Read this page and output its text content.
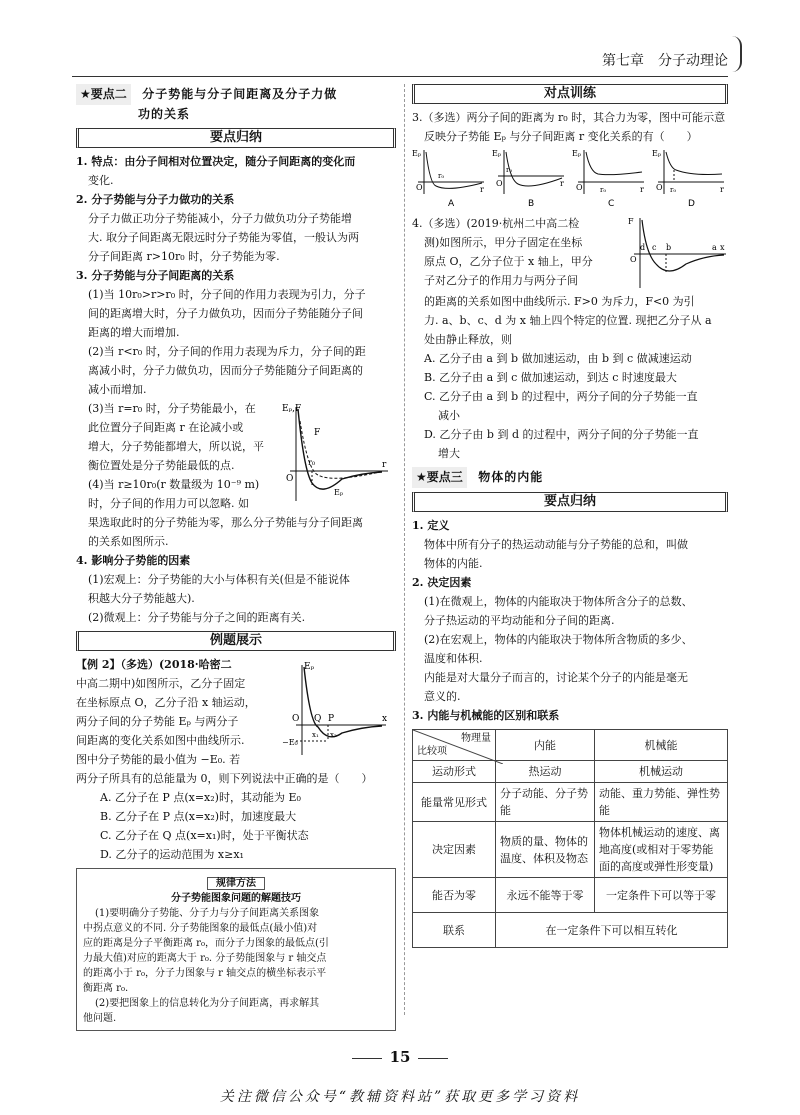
第七章　分子动理论
★要点二 分子势能与分子间距离及分子力做
功的关系
要点归纳

1. 特点：由分子间相对位置决定，随分子间距离的变化而

变化.

2. 分子势能与分子力做功的关系

分子力做正功分子势能减小，分子力做负功分子势能增

大. 取分子间距离无限远时分子势能为零值，一般认为两

分子间距离 r>10r₀ 时，分子势能为零.

3. 分子势能与分子间距离的关系

(1)当 10r₀>r>r₀ 时，分子间的作用力表现为引力，分子

间的距离增大时，分子力做负功，因而分子势能随分子间

距离的增大而增加.

(2)当 r<r₀ 时，分子间的作用力表现为斥力，分子间的距

离减小时，分子力做负功，因而分子势能随分子间距离的

减小而增加.

(3)当 r=r₀ 时，分子势能最小，在

此位置分子间距离 r 在论减小或

增大，分子势能都增大，所以说，平

衡位置处是分子势能最低的点.

(4)当 r≥10r₀(r 数量级为 10⁻⁹ m)

时，分子间的作用力可以忽略. 如

Eₚ,F
F
r
O
r₀
Eₚ

果选取此时的分子势能为零，那么分子势能与分子间距离

的关系如图所示.

4. 影响分子势能的因素

(1)宏观上：分子势能的大小与体积有关(但是不能说体

积越大分子势能越大).

(2)微观上：分子势能与分子之间的距离有关.

例题展示

【例 2】（多选）(2018·哈密二

中高二期中)如图所示，乙分子固定

在坐标原点 O，乙分子沿 x 轴运动，

两分子间的分子势能 Eₚ 与两分子

间距离的变化关系如图中曲线所示.

图中分子势能的最小值为 −E₀. 若

Eₚ
x
O
−E₀
Q P
x₁ x₂

两分子所具有的总能量为 0，则下列说法中正确的是（　　）

A. 乙分子在 P 点(x=x₂)时，其动能为 E₀

B. 乙分子在 P 点(x=x₂)时，加速度最大

C. 乙分子在 Q 点(x=x₁)时，处于平衡状态

D. 乙分子的运动范围为 x≥x₁

规律方法

分子势能图象问题的解题技巧

(1)要明确分子势能、分子力与分子间距离关系图象

中拐点意义的不同. 分子势能图象的最低点(最小值)对

应的距离是分子平衡距离 r₀，而分子力图象的最低点(引

力最大值)对应的距离大于 r₀. 分子势能图象与 r 轴交点

的距离小于 r₀，分子力图象与 r 轴交点的横坐标表示平

衡距离 r₀.

(2)要把图象上的信息转化为分子间距离，再求解其

他问题.

对点训练

3.（多选）两分子间的距离为 r₀ 时，其合力为零，图中可能示意

反映分子势能 Eₚ 与分子间距离 r 变化关系的有（　　）

Eₚ
O
r₀
r
A
Eₚ
O
r₀
r
B
Eₚ
O r₀	r
C
Eₚ
O r₀	r
D

4.（多选）(2019·杭州二中高二检

测)如图所示，甲分子固定在坐标

原点 O，乙分子位于 x 轴上，甲分

子对乙分子的作用力与两分子间

F
x
O
d c b	a

的距离的关系如图中曲线所示. F>0 为斥力，F<0 为引

力. a、b、c、d 为 x 轴上四个特定的位置. 现把乙分子从 a

处由静止释放，则

A. 乙分子由 a 到 b 做加速运动，由 b 到 c 做减速运动

B. 乙分子由 a 到 c 做加速运动，到达 c 时速度最大

C. 乙分子由 a 到 b 的过程中，两分子间的分子势能一直

减小

D. 乙分子由 b 到 d 的过程中，两分子间的分子势能一直

增大

★要点三 物体的内能
要点归纳

1. 定义

物体中所有分子的热运动动能与分子势能的总和，叫做

物体的内能.

2. 决定因素

(1)在微观上，物体的内能取决于物体所含分子的总数、

分子热运动的平均动能和分子间的距离.

(2)在宏观上，物体的内能取决于物体所含物质的多少、

温度和体积.

内能是对大量分子而言的，讨论某个分子的内能是毫无

意义的.

3. 内能与机械能的区别和联系

物理量
比较项	内能	机械能
运动形式	热运动	机械运动
能量常见形式	分子动能、分子势能	动能、重力势能、弹性势能
决定因素	物质的量、物体的温度、体积及物态	物体机械运动的速度、离地高度(或相对于零势能面的高度或弹性形变量)
能否为零	永远不能等于零	一定条件下可以等于零
联系	在一定条件下可以相互转化	
15
关注微信公众号“教辅资料站”获取更多学习资料
